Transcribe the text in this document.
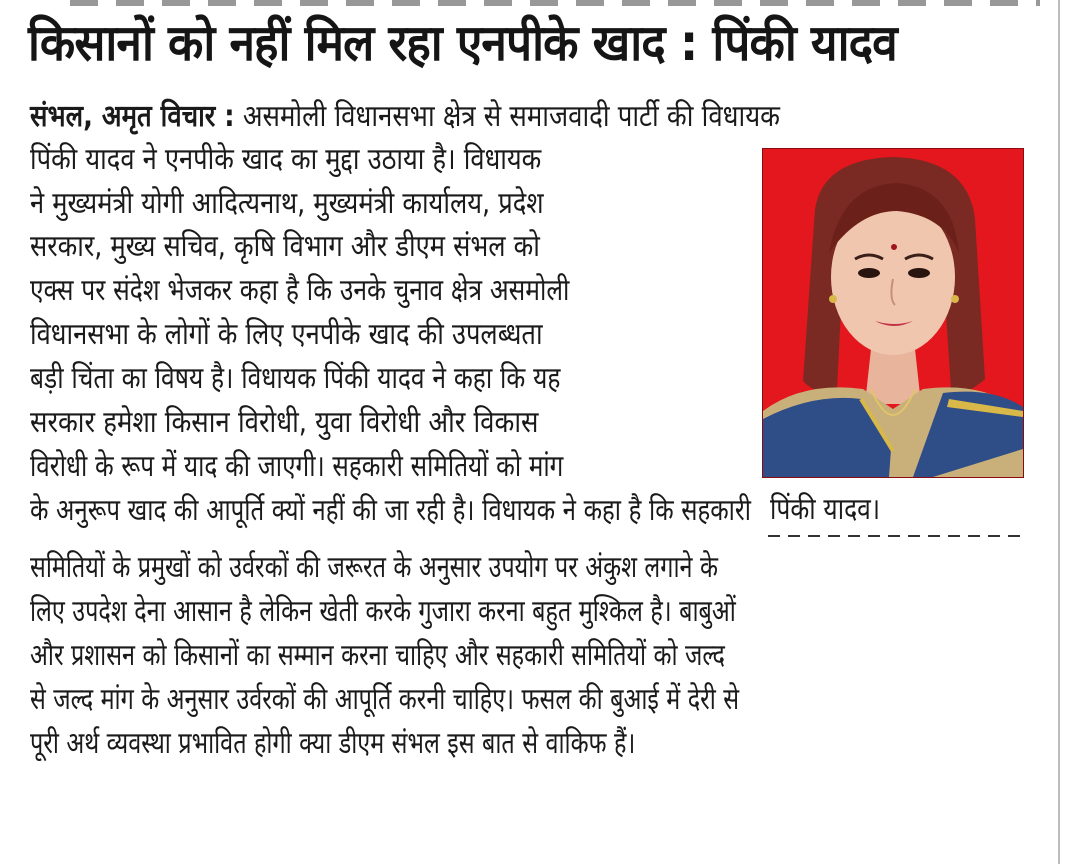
किसानों को नहीं मिल रहा एनपीके खाद : पिंकी यादव
संभल, अमृत विचार : असमोली विधानसभा क्षेत्र से समाजवादी पार्टी की विधायक
पिंकी यादव ने एनपीके खाद का मुद्दा उठाया है। विधायक
ने मुख्यमंत्री योगी आदित्यनाथ, मुख्यमंत्री कार्यालय, प्रदेश
सरकार, मुख्य सचिव, कृषि विभाग और डीएम संभल को
एक्स पर संदेश भेजकर कहा है कि उनके चुनाव क्षेत्र असमोली
विधानसभा के लोगों के लिए एनपीके खाद की उपलब्धता
बड़ी चिंता का विषय है। विधायक पिंकी यादव ने कहा कि यह
सरकार हमेशा किसान विरोधी, युवा विरोधी और विकास
विरोधी के रूप में याद की जाएगी। सहकारी समितियों को मांग
के अनुरूप खाद की आपूर्ति क्यों नहीं की जा रही है। विधायक ने कहा है कि सहकारी पिंकी यादव।
समितियों के प्रमुखों को उर्वरकों की जरूरत के अनुसार उपयोग पर अंकुश लगाने के
लिए उपदेश देना आसान है लेकिन खेती करके गुजारा करना बहुत मुश्किल है। बाबुओं
और प्रशासन को किसानों का सम्मान करना चाहिए और सहकारी समितियों को जल्द
से जल्द मांग के अनुसार उर्वरकों की आपूर्ति करनी चाहिए। फसल की बुआई में देरी से
पूरी अर्थ व्यवस्था प्रभावित होगी क्या डीएम संभल इस बात से वाकिफ हैं।
